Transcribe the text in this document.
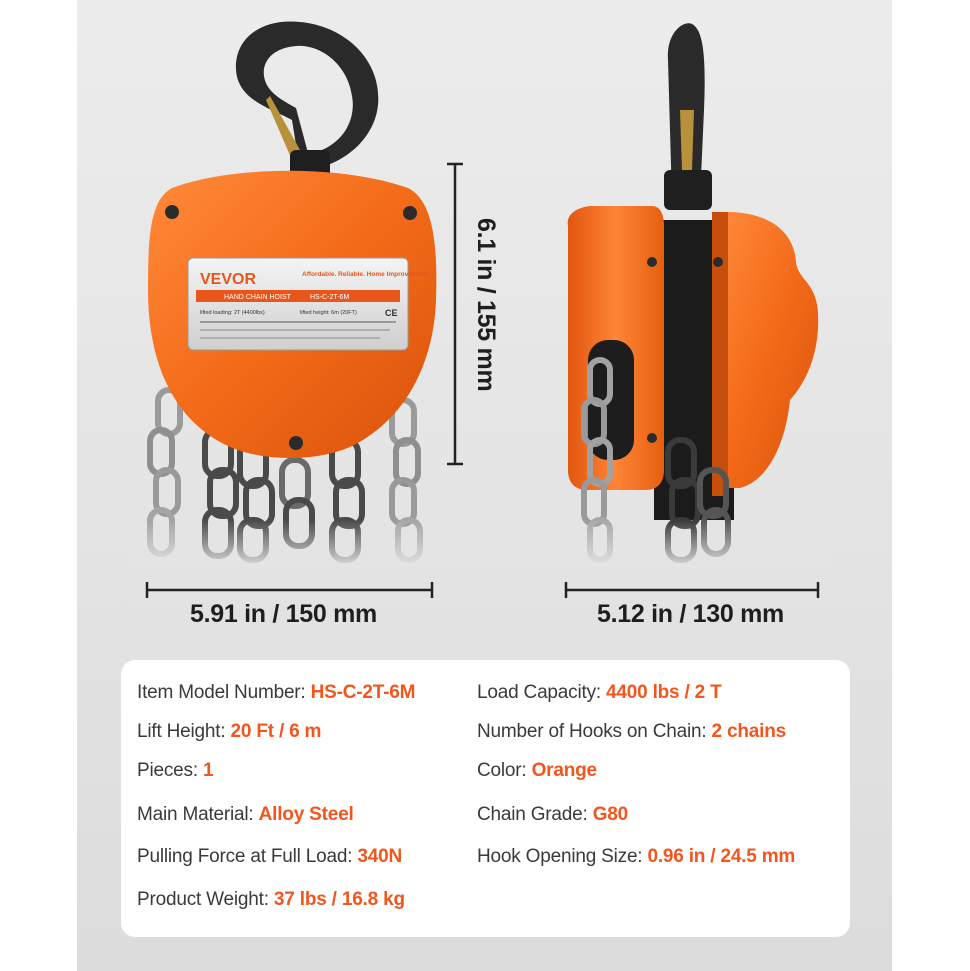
VEVOR	Affordable. Reliable. Home Improvement.
HAND CHAIN HOIST	HS-C-2T-6M
lifted loading: 2T (4400lbs)	lifted height: 6m (20FT)	CE
5.91 in / 150 mm	5.12 in / 130 mm
6.1 in / 155 mm
Item Model Number: HS-C-2T-6M	Load Capacity: 4400 lbs / 2 T
Lift Height: 20 Ft / 6 m	Number of Hooks on Chain: 2 chains
Pieces: 1	Color: Orange
Main Material: Alloy Steel	Chain Grade: G80
Pulling Force at Full Load: 340N	Hook Opening Size: 0.96 in / 24.5 mm
Product Weight: 37 lbs / 16.8 kg
